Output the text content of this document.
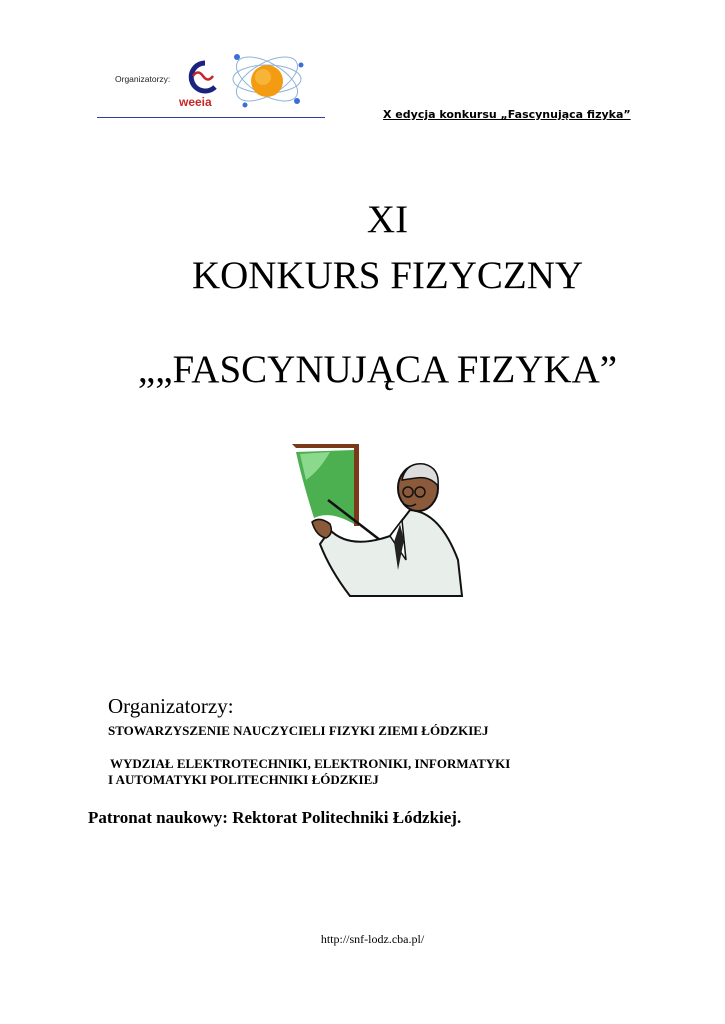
Organizatorzy:
weeia
X edycja konkursu „Fascynująca fizyka”
XI
KONKURS FIZYCZNY
„„FASCYNUJĄCA FIZYKA”
Organizatorzy:
STOWARZYSZENIE NAUCZYCIELI FIZYKI ZIEMI ŁÓDZKIEJ
WYDZIAŁ ELEKTROTECHNIKI, ELEKTRONIKI, INFORMATYKI
I AUTOMATYKI POLITECHNIKI ŁÓDZKIEJ
Patronat naukowy: Rektorat Politechniki Łódzkiej.
http://snf-lodz.cba.pl/
